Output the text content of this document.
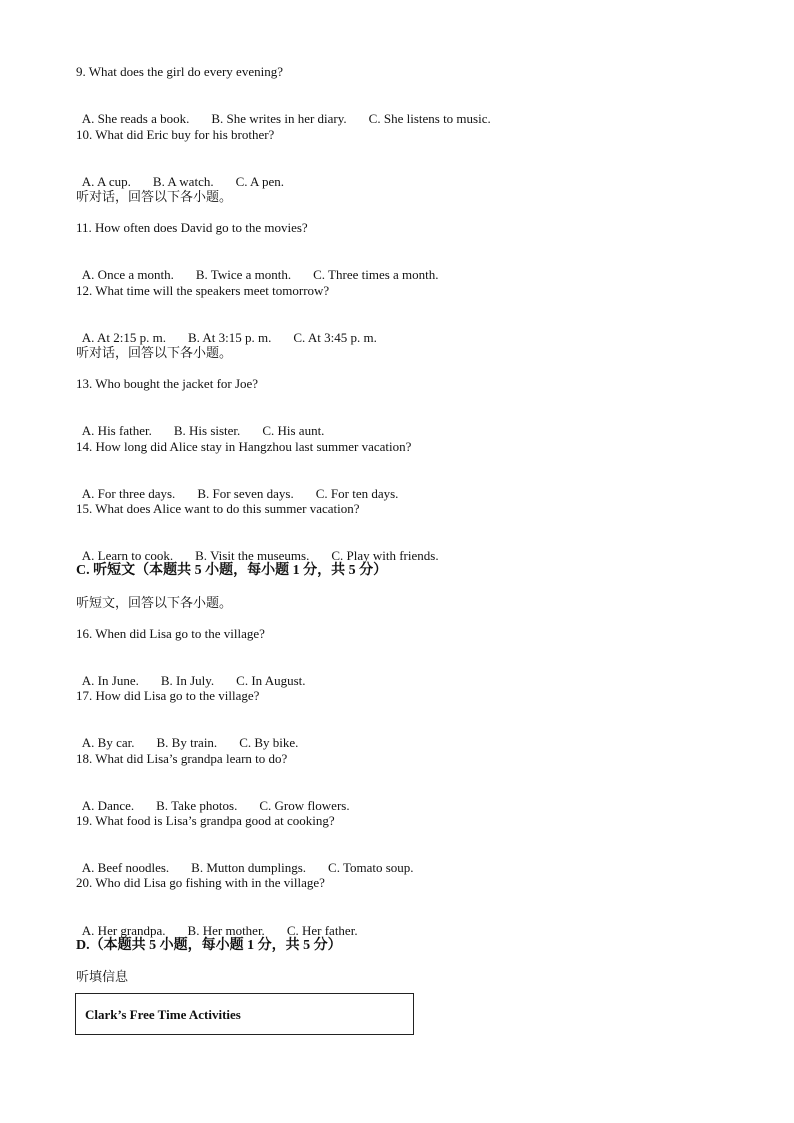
9. What does the girl do every evening?

A. She reads a book. B. She writes in her diary. C. She listens to music.

10. What did Eric buy for his brother?

A. A cup. B. A watch. C. A pen.

听对话，回答以下各小题。
11. How often does David go to the movies?

A. Once a month. B. Twice a month. C. Three times a month.

12. What time will the speakers meet tomorrow?

A. At 2:15 p. m. B. At 3:15 p. m. C. At 3:45 p. m.

听对话，回答以下各小题。
13. Who bought the jacket for Joe?

A. His father. B. His sister. C. His aunt.

14. How long did Alice stay in Hangzhou last summer vacation?

A. For three days. B. For seven days. C. For ten days.

15. What does Alice want to do this summer vacation?

A. Learn to cook. B. Visit the museums. C. Play with friends.

C. 听短文（本题共 5 小题，每小题 1 分，共 5 分）
听短文，回答以下各小题。
16. When did Lisa go to the village?

A. In June. B. In July. C. In August.

17. How did Lisa go to the village?

A. By car. B. By train. C. By bike.

18. What did Lisa’s grandpa learn to do?

A. Dance. B. Take photos. C. Grow flowers.

19. What food is Lisa’s grandpa good at cooking?

A. Beef noodles. B. Mutton dumplings. C. Tomato soup.

20. Who did Lisa go fishing with in the village?

A. Her grandpa. B. Her mother. C. Her father.

D.（本题共 5 小题，每小题 1 分，共 5 分）
听填信息
Clark’s Free Time Activities
